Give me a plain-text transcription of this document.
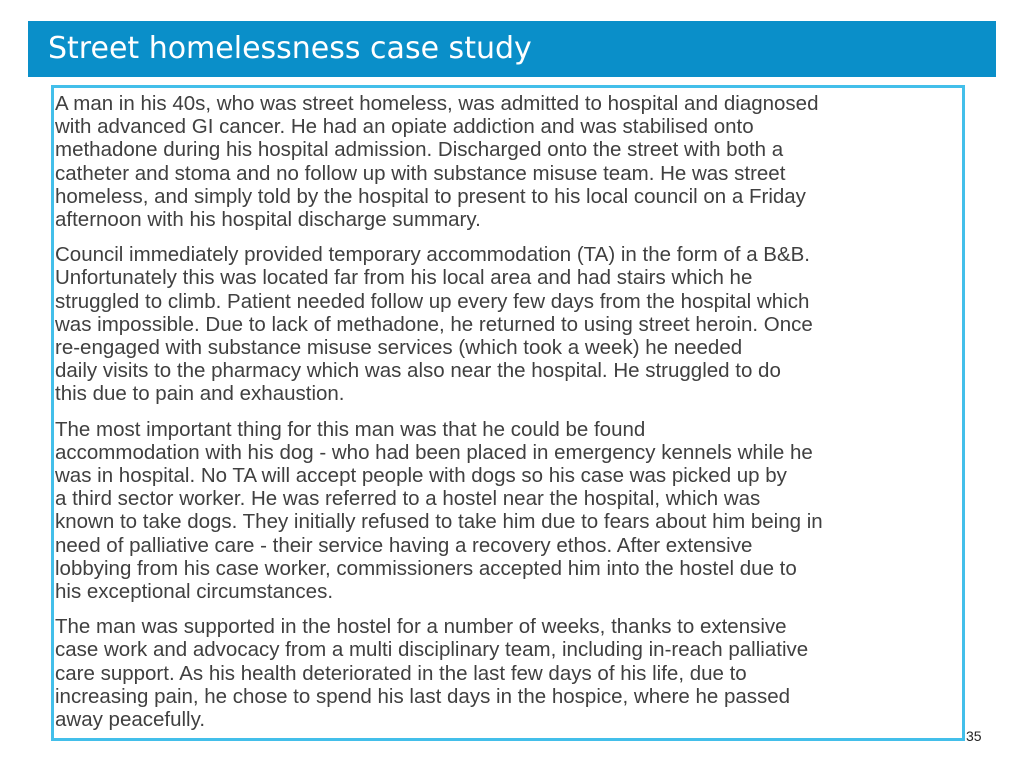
Street homelessness case study

A man in his 40s, who was street homeless, was admitted to hospital and diagnosed
with advanced GI cancer. He had an opiate addiction and was stabilised onto
methadone during his hospital admission. Discharged onto the street with both a
catheter and stoma and no follow up with substance misuse team. He was street
homeless, and simply told by the hospital to present to his local council on a Friday
afternoon with his hospital discharge summary.

Council immediately provided temporary accommodation (TA) in the form of a B&B.
Unfortunately this was located far from his local area and had stairs which he
struggled to climb. Patient needed follow up every few days from the hospital which
was impossible. Due to lack of methadone, he returned to using street heroin. Once
re-engaged with substance misuse services (which took a week) he needed
daily visits to the pharmacy which was also near the hospital. He struggled to do
this due to pain and exhaustion.

The most important thing for this man was that he could be found
accommodation with his dog - who had been placed in emergency kennels while he
was in hospital. No TA will accept people with dogs so his case was picked up by
a third sector worker. He was referred to a hostel near the hospital, which was
known to take dogs. They initially refused to take him due to fears about him being in
need of palliative care - their service having a recovery ethos. After extensive
lobbying from his case worker, commissioners accepted him into the hostel due to
his exceptional circumstances.

The man was supported in the hostel for a number of weeks, thanks to extensive
case work and advocacy from a multi disciplinary team, including in-reach palliative
care support. As his health deteriorated in the last few days of his life, due to
increasing pain, he chose to spend his last days in the hospice, where he passed
away peacefully.

35
